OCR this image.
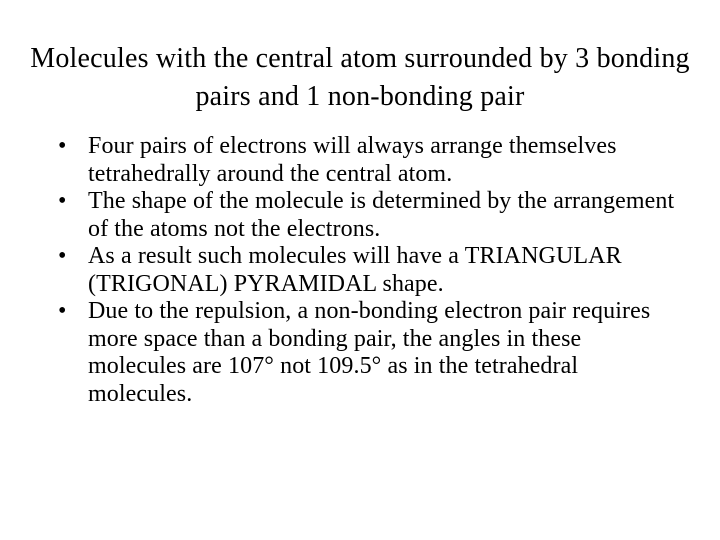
Molecules with the central atom surrounded by 3 bonding pairs and 1 non-bonding pair
• Four pairs of electrons will always arrange themselves tetrahedrally around the central atom.
• The shape of the molecule is determined by the arrangement of the atoms not the electrons.
• As a result such molecules will have a TRIANGULAR (TRIGONAL) PYRAMIDAL shape.
• Due to the repulsion, a non-bonding electron pair requires more space than a bonding pair, the angles in these molecules are 107° not 109.5° as in the tetrahedral molecules.
